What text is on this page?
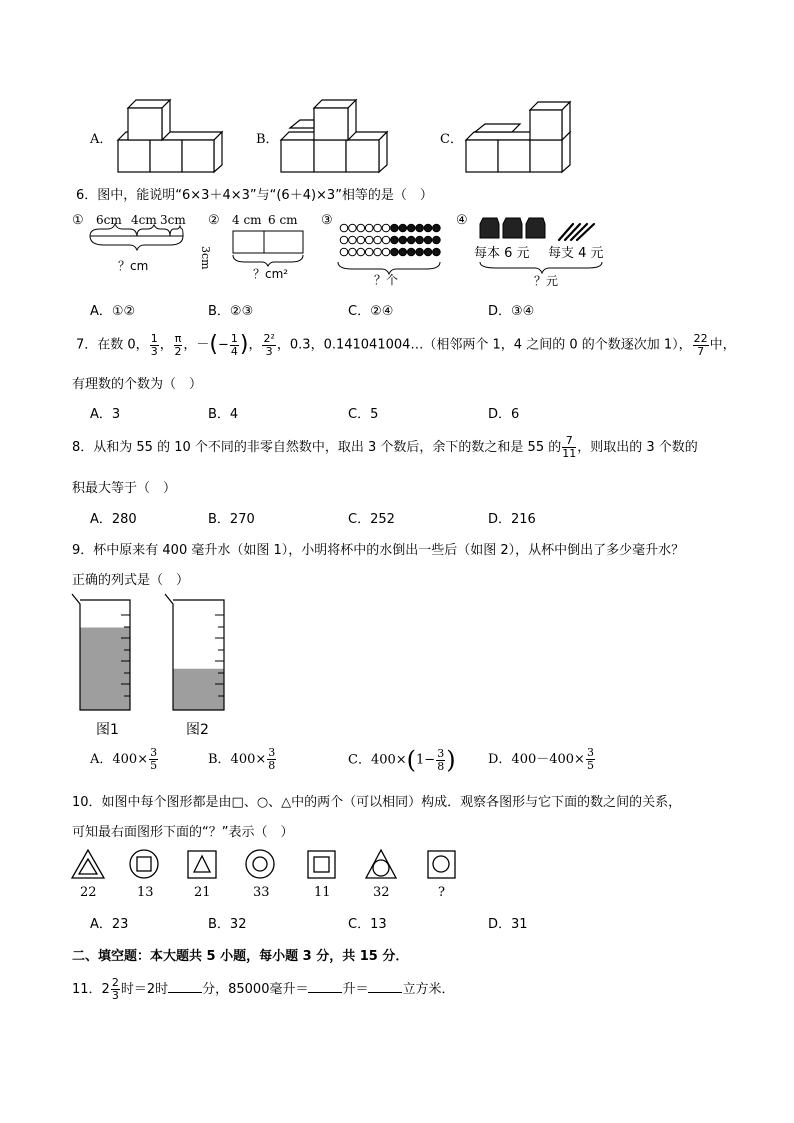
A．	B．	C．
6．图中，能说明“6×3＋4×3”与“(6＋4)×3”相等的是（　）
① 6cm 4cm 3cm
？cm
② 4 cm 6 cm
3cm
？cm²
③
？个
④
每本 6 元 每支 4 元
？元
A．①②	B．②③	C．②④	D．③④
7．在数 0， $\frac{1}{3}$ ， $\frac{\pi}{2}$ ，－(− $\frac{1}{4}$ )， $\frac{\text{2²}}{3}$ ，0.3，0.141041004…（相邻两个 1，4 之间的 0 的个数逐次加 1）， $\frac{22}{7}$ 中，
有理数的个数为（　）
A．3	B．4	C．5	D．6
8．从和为 55 的 10 个不同的非零自然数中，取出 3 个数后，余下的数之和是 55 的 $\frac{7}{11}$ ，则取出的 3 个数的
积最大等于（　）
A．280	B．270	C．252	D．216
9．杯中原来有 400 毫升水（如图 1），小明将杯中的水倒出一些后（如图 2），从杯中倒出了多少毫升水？
正确的列式是（　）
图1	图2
A．$400\times \frac{3}{5}$	B．$400\times \frac{3}{8}$	C．$400\times(1- \frac{3}{8}$ ) D．$400-400\times \frac{3}{5}$
10．如图中每个图形都是由□、○、△中的两个（可以相同）构成．观察各图形与它下面的数之间的关系，
可知最右面图形下面的“？”表示（　）
22	13	21	33	11	32	?
A．23	B．32	C．13	D．31
二、填空题：本大题共 5 小题，每小题 3 分，共 15 分．
11．$2 \frac{2}{3}$ 时＝2时	分，85000毫升＝	升＝	立方米．
